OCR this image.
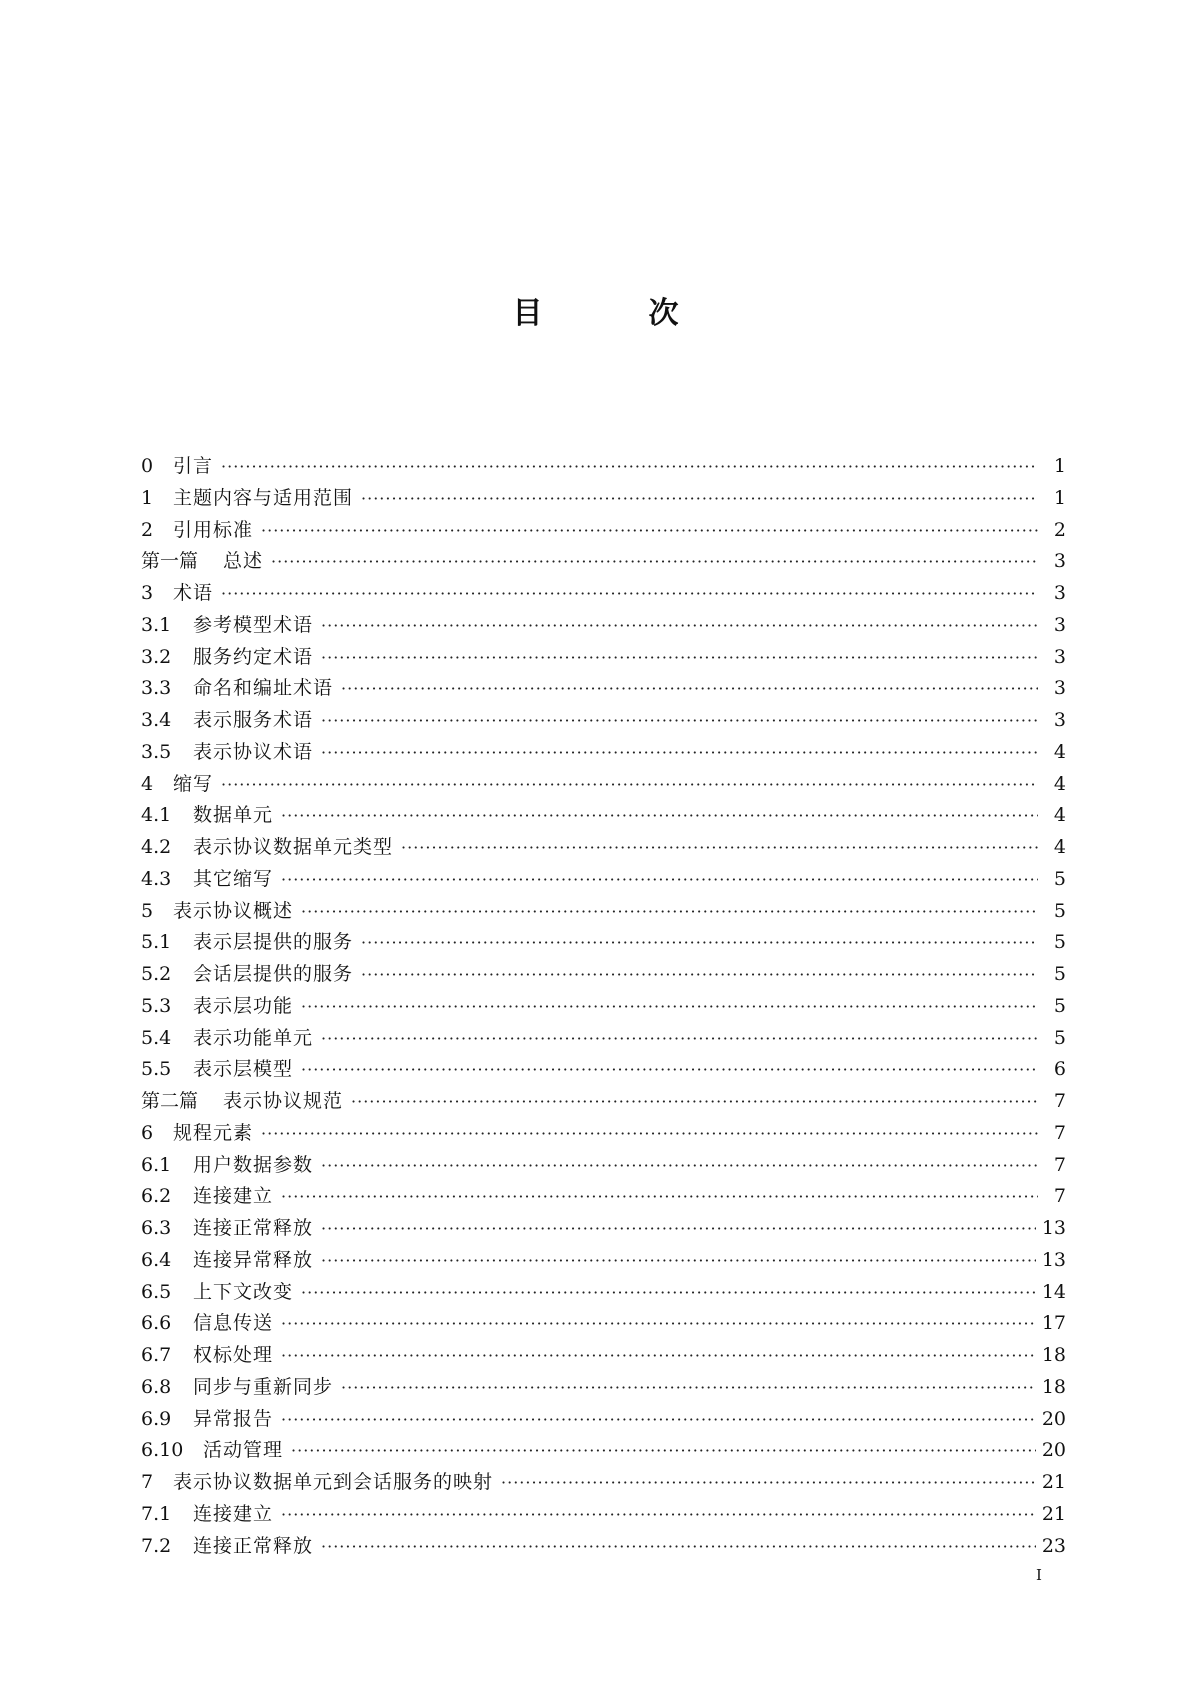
目次
0	引言 ·····	1
1	主题内容与适用范围 ·····	1
2	引用标准 ·····	2
第一篇	总述 ·····	3
3	术语 ·····	3
3.1	参考模型术语 ·····	3
3.2	服务约定术语 ·····	3
3.3	命名和编址术语 ·····	3
3.4	表示服务术语 ·····	3
3.5	表示协议术语 ·····	4
4	缩写 ·····	4
4.1	数据单元 ·····	4
4.2	表示协议数据单元类型 ·····	4
4.3	其它缩写 ·····	5
5	表示协议概述 ·····	5
5.1	表示层提供的服务 ·····	5
5.2	会话层提供的服务 ·····	5
5.3	表示层功能 ·····	5
5.4	表示功能单元 ·····	5
5.5	表示层模型 ·····	6
第二篇	表示协议规范 ·····	7
6	规程元素 ·····	7
6.1	用户数据参数 ·····	7
6.2	连接建立 ·····	7
6.3	连接正常释放 ·····	13
6.4	连接异常释放 ·····	13
6.5	上下文改变 ·····	14
6.6	信息传送 ·····	17
6.7	权标处理 ·····	18
6.8	同步与重新同步 ·····	18
6.9	异常报告 ·····	20
6.10	活动管理 ·····	20
7	表示协议数据单元到会话服务的映射 ·····	21
7.1	连接建立 ·····	21
7.2	连接正常释放 ·····	23
I
